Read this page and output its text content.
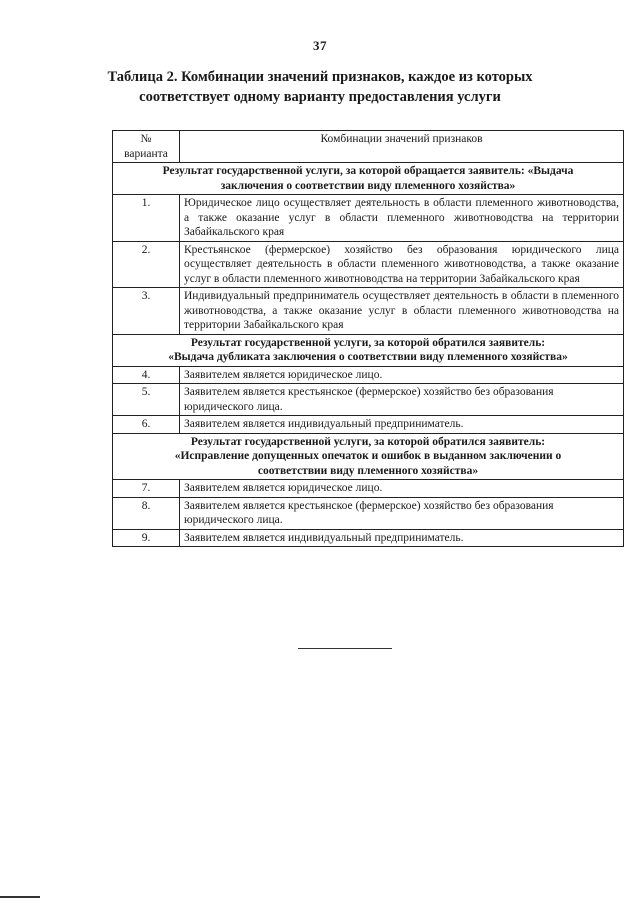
37
Таблица 2. Комбинации значений признаков, каждое из которых
соответствует одному варианту предоставления услуги
№
варианта	Комбинации значений признаков

Результат государственной услуги, за которой обращается заявитель: «Выдача
заключения о соответствии виду племенного хозяйства»	

1.	Юридическое лицо осуществляет деятельность в области племенного животноводства, а также оказание услуг в области племенного животноводства на территории Забайкальского края
2.	Крестьянское (фермерское) хозяйство без образования юридического лица осуществляет деятельность в области племенного животноводства, а также оказание услуг в области племенного животноводства на территории Забайкальского края
3.	Индивидуальный предприниматель осуществляет деятельность в области в племенного животноводства, а также оказание услуг в области племенного животноводства на территории Забайкальского края

Результат государственной услуги, за которой обратился заявитель:
«Выдача дубликата заключения о соответствии виду племенного хозяйства»	

4.	Заявителем является юридическое лицо.
5.	Заявителем является крестьянское (фермерское) хозяйство без образования юридического лица.
6.	Заявителем является индивидуальный предприниматель.

Результат государственной услуги, за которой обратился заявитель:
«Исправление допущенных опечаток и ошибок в выданном заключении о
соответствии виду племенного хозяйства»	

7.	Заявителем является юридическое лицо.
8.	Заявителем является крестьянское (фермерское) хозяйство без образования юридического лица.
9.	Заявителем является индивидуальный предприниматель.
